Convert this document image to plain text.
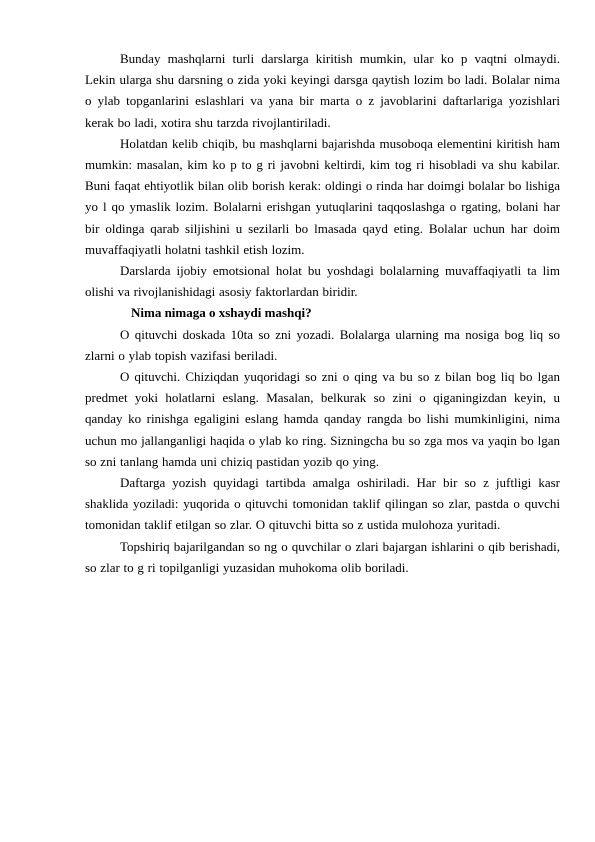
Bunday mashqlarni turli darslarga kiritish mumkin, ular ko p vaqtni olmaydi. Lekin ularga shu darsning o zida yoki keyingi darsga qaytish lozim bo ladi. Bolalar nima o ylab topganlarini eslashlari va yana bir marta o z javoblarini daftarlariga yozishlari kerak bo ladi, xotira shu tarzda rivojlantiriladi.

Holatdan kelib chiqib, bu mashqlarni bajarishda musoboqa elementini kiritish ham mumkin: masalan, kim ko p to g ri javobni keltirdi, kim tog ri hisobladi va shu kabilar. Buni faqat ehtiyotlik bilan olib borish kerak: oldingi o rinda har doimgi bolalar bo lishiga yo l qo ymaslik lozim. Bolalarni erishgan yutuqlarini taqqoslashga o rgating, bolani har bir oldinga qarab siljishini u sezilarli bo lmasada qayd eting. Bolalar uchun har doim muvaffaqiyatli holatni tashkil etish lozim.

Darslarda ijobiy emotsional holat bu yoshdagi bolalarning muvaffaqiyatli ta lim olishi va rivojlanishidagi asosiy faktorlardan biridir.

Nima nimaga o xshaydi mashqi?

O qituvchi doskada 10ta so zni yozadi. Bolalarga ularning ma nosiga bog liq so zlarni o ylab topish vazifasi beriladi.

O qituvchi. Chiziqdan yuqoridagi so zni o qing va bu so z bilan bog liq bo lgan predmet yoki holatlarni eslang. Masalan, belkurak so zini o qiganingizdan keyin, u qanday ko rinishga egaligini eslang hamda qanday rangda bo lishi mumkinligini, nima uchun mo jallanganligi haqida o ylab ko ring. Sizningcha bu so zga mos va yaqin bo lgan so zni tanlang hamda uni chiziq pastidan yozib qo ying.

Daftarga yozish quyidagi tartibda amalga oshiriladi. Har bir so z juftligi kasr shaklida yoziladi: yuqorida o qituvchi tomonidan taklif qilingan so zlar, pastda o quvchi tomonidan taklif etilgan so zlar. O qituvchi bitta so z ustida mulohoza yuritadi.

Topshiriq bajarilgandan so ng o quvchilar o zlari bajargan ishlarini o qib berishadi, so zlar to g ri topilganligi yuzasidan muhokoma olib boriladi.
